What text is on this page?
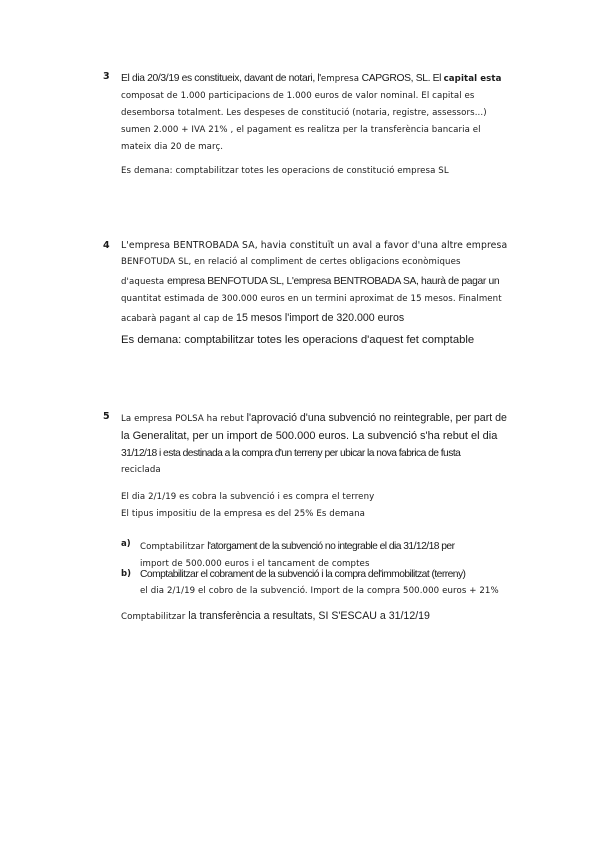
3 El dia 20/3/19 es constitueix, davant de notari, l'empresa CAPGROS, SL. El capital esta
composat de 1.000 participacions de 1.000 euros de valor nominal. El capital es
desemborsa totalment. Les despeses de constitució (notaria, registre, assessors...)
sumen 2.000 + IVA 21% , el pagament es realitza per la transferència bancaria el
mateix dia 20 de març.
Es demana: comptabilitzar totes les operacions de constitució empresa SL
4 L'empresa BENTROBADA SA, havia constituït un aval a favor d'una altre empresa
BENFOTUDA SL, en relació al compliment de certes obligacions econòmiques
d'aquesta empresa BENFOTUDA SL, L'empresa BENTROBADA SA, haurà de pagar un
quantitat estimada de 300.000 euros en un termini aproximat de 15 mesos. Finalment
acabarà pagant al cap de 15 mesos l'import de 320.000 euros
Es demana: comptabilitzar totes les operacions d'aquest fet comptable
5 La empresa POLSA ha rebut l'aprovació d'una subvenció no reintegrable, per part de
la Generalitat, per un import de 500.000 euros. La subvenció s'ha rebut el dia
31/12/18 i esta destinada a la compra d'un terreny per ubicar la nova fabrica de fusta
reciclada
El dia 2/1/19 es cobra la subvenció i es compra el terreny
El tipus impositiu de la empresa es del 25% Es demana
a) Comptabilitzar l'atorgament de la subvenció no integrable el dia 31/12/18 per
import de 500.000 euros i el tancament de comptes
b) Comptabilitzar el cobrament de la subvenció i la compra del'immobilitzat (terreny)
el dia 2/1/19 el cobro de la subvenció. Import de la compra 500.000 euros + 21%
Comptabilitzar la transferència a resultats, SI S'ESCAU a 31/12/19
